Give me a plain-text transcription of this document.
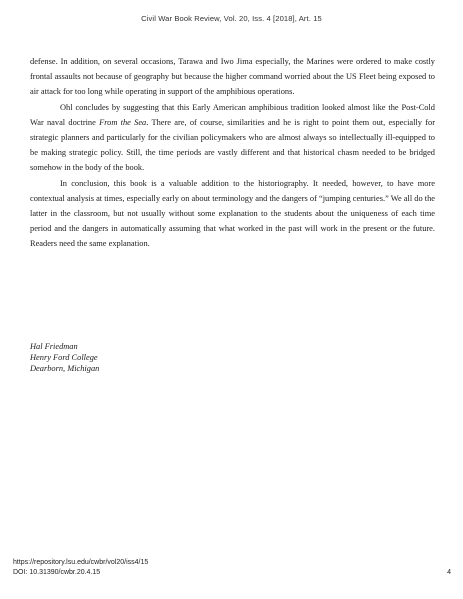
Civil War Book Review, Vol. 20, Iss. 4 [2018], Art. 15

defense. In addition, on several occasions, Tarawa and Iwo Jima especially, the Marines were ordered to make costly frontal assaults not because of geography but because the higher command worried about the US Fleet being exposed to air attack for too long while operating in support of the amphibious operations.

Ohl concludes by suggesting that this Early American amphibious tradition looked almost like the Post-Cold War naval doctrine From the Sea. There are, of course, similarities and he is right to point them out, especially for strategic planners and particularly for the civilian policymakers who are almost always so intellectually ill-equipped to be making strategic policy. Still, the time periods are vastly different and that historical chasm needed to be bridged somehow in the body of the book.

In conclusion, this book is a valuable addition to the historiography. It needed, however, to have more contextual analysis at times, especially early on about terminology and the dangers of “jumping centuries.” We all do the latter in the classroom, but not usually without some explanation to the students about the uniqueness of each time period and the dangers in automatically assuming that what worked in the past will work in the present or the future. Readers need the same explanation.

Hal Friedman
Henry Ford College
Dearborn, Michigan
https://repository.lsu.edu/cwbr/vol20/iss4/15
DOI: 10.31390/cwbr.20.4.15	4
